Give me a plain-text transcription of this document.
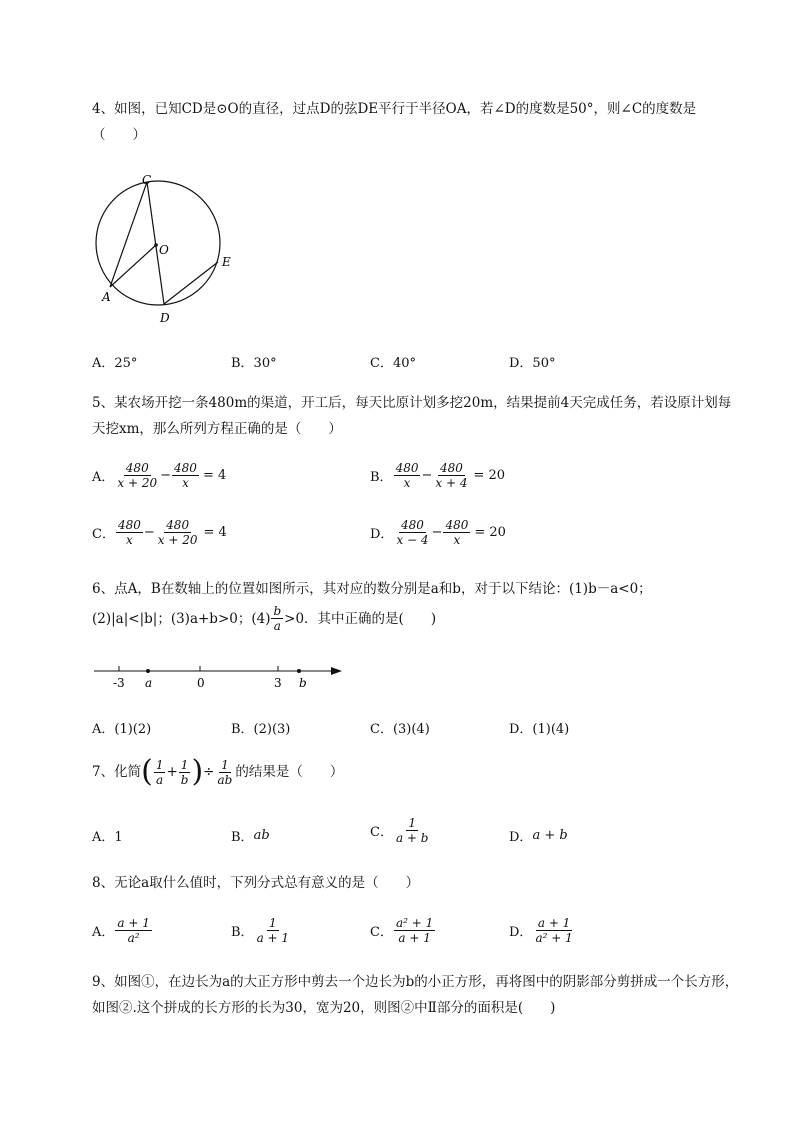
4、如图，已知CD是⊙O的直径，过点D的弦DE平行于半径OA，若∠D的度数是50°，则∠C的度数是（　　）
C
O
E
A
D
A．25°	B．30°	C．40°	D．50°
5、某农场开挖一条480m的渠道，开工后，每天比原计划多挖20m，结果提前4天完成任务，若设原计划每天挖xm，那么所列方程正确的是（　　）
A． $\frac{480}{x + 20} - \frac{480}{x} = 4$	B． $\frac{480}{x} - \frac{480}{x + 4} = 20$
C． $\frac{480}{x} - \frac{480}{x + 20} = 4$	D． $\frac{480}{x - 4} - \frac{480}{x} = 20$
6、点A，B在数轴上的位置如图所示，其对应的数分别是a和b，对于以下结论：(1)b－a<0；
(2)|a|<|b|；(3)a+b>0；$(4) \frac{b}{a} >0$．其中正确的是(　　)
-3 a	0	3 b
A．(1)(2)	B．(2)(3)	C．(3)(4)	D．(1)(4)
7、化简 ( $\frac{1}{a} + \frac{1}{b}$ ) ÷ $\frac{1}{ab}$ 的结果是（　　）
A．1	B． ab	C． $\frac{1}{a + b}$	D． a + b
8、无论a取什么值时，下列分式总有意义的是（　　）
A． $\frac{a + 1}{\text{a²}}$	B． $\frac{1}{a + 1}$	C． $\frac{\text{a² + 1}}{a + 1}$	D． $\frac{a + 1}{\text{a² + 1}}$
9、如图①，在边长为a的大正方形中剪去一个边长为b的小正方形，再将图中的阴影部分剪拼成一个长方形，如图②.这个拼成的长方形的长为30，宽为20，则图②中Ⅱ部分的面积是(　　)
